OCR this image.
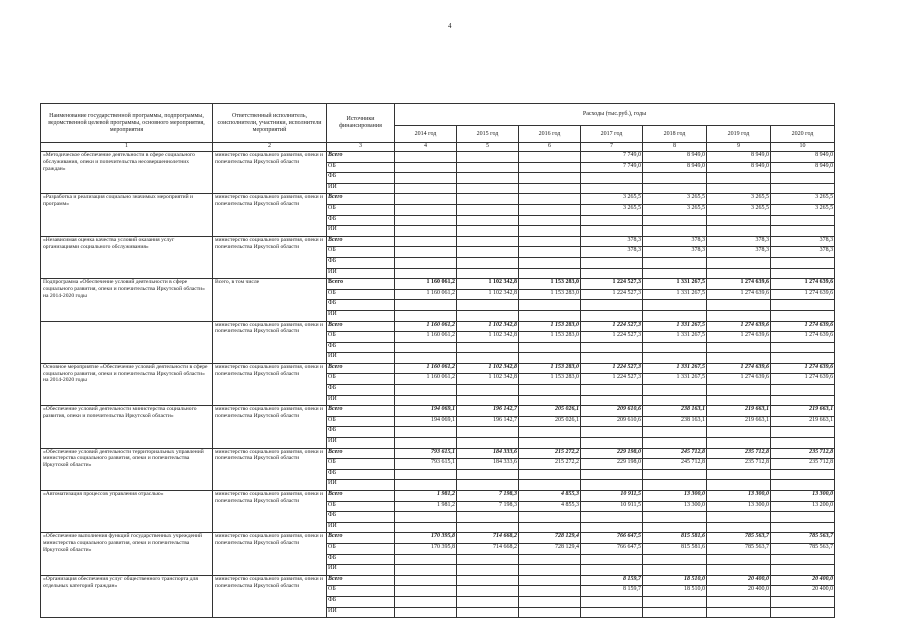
4
Наименование государственной программы, подпрограммы, ведомственной целевой программы, основного мероприятия, мероприятия	Ответственный исполнитель, соисполнители, участники, исполнители мероприятий	Источники финансирования	Расходы (тыс.руб.), годы						
			2014 год	2015 год	2016 год	2017 год	2018 год	2019 год	2020 год
1	2	3	4	5	6	7	8	9	10
«Методическое обеспечение деятельности в сфере социального обслуживания, опеки и попечительства несовершеннолетних граждан»	министерство социального развития, опеки и попечительства Иркутской области	Всего				7 749,0	8 949,0	8 949,0	8 949,0
		ОБ				7 749,0	8 949,0	8 949,0	8 949,0
		ФБ							
		ИИ							
«Разработка и реализация социально значимых мероприятий и программ»	министерство социального развития, опеки и попечительства Иркутской области	Всего				3 265,5	3 265,5	3 265,5	3 265,5
		ОБ				3 265,5	3 265,5	3 265,5	3 265,5
		ФБ							
		ИИ							
«Независимая оценка качества условий оказания услуг организациями социального обслуживания»	министерство социального развития, опеки и попечительства Иркутской области	Всего				378,3	378,3	378,3	378,3
		ОБ				378,3	378,3	378,3	378,3
		ФБ							
		ИИ							
Подпрограмма «Обеспечение условий деятельности в сфере социального развития, опеки и попечительства Иркутской области» на 2014-2020 годы	Всего, в том числе	Всего	1 160 061,2	1 102 342,8	1 153 283,0	1 224 527,3	1 331 267,5	1 274 639,6	1 274 639,6
		ОБ	1 160 061,2	1 102 342,8	1 153 283,0	1 224 527,3	1 331 267,5	1 274 639,6	1 274 639,6
		ФБ							
		ИИ							
	министерство социального развития, опеки и попечительства Иркутской области	Всего	1 160 061,2	1 102 342,8	1 153 283,0	1 224 527,3	1 331 267,5	1 274 639,6	1 274 639,6
		ОБ	1 160 061,2	1 102 342,8	1 153 283,0	1 224 527,3	1 331 267,5	1 274 639,6	1 274 639,6
		ФБ							
		ИИ							
Основное мероприятие «Обеспечение условий деятельности в сфере социального развития, опеки и попечительства Иркутской области» на 2014-2020 годы	министерство социального развития, опеки и попечительства Иркутской области	Всего	1 160 061,2	1 102 342,8	1 153 283,0	1 224 527,3	1 331 267,5	1 274 639,6	1 274 639,6
		ОБ	1 160 061,2	1 102 342,8	1 153 283,0	1 224 527,3	1 331 267,5	1 274 639,6	1 274 639,6
		ФБ							
		ИИ							
«Обеспечение условий деятельности министерства социального развития, опеки и попечительства Иркутской области»	министерство социального развития, опеки и попечительства Иркутской области	Всего	194 069,1	196 142,7	205 026,1	209 610,6	238 163,1	219 663,1	219 663,1
		ОБ	194 069,1	196 142,7	205 026,1	209 610,6	238 163,1	219 663,1	219 663,1
		ФБ							
		ИИ							
«Обеспечение условий деятельности территориальных управлений министерства социального развития, опеки и попечительства Иркутской области»	министерство социального развития, опеки и попечительства Иркутской области	Всего	793 615,1	184 333,6	215 272,2	229 198,0	245 712,8	235 712,8	235 712,8
		ОБ	793 615,1	184 333,6	215 272,2	229 198,0	245 712,8	235 712,8	235 712,8
		ФБ							
		ИИ							
«Автоматизация процессов управления отраслью»	министерство социального развития, опеки и попечительства Иркутской области	Всего	1 981,2	7 198,3	4 855,3	10 911,5	13 300,0	13 300,0	13 300,0
		ОБ	1 981,2	7 198,3	4 855,3	10 911,5	13 300,0	13 300,0	13 200,0
		ФБ							
		ИИ							
«Обеспечение выполнения функций государственных учреждений министерства социального развития, опеки и попечительства Иркутской области»	министерство социального развития, опеки и попечительства Иркутской области	Всего	170 395,8	714 668,2	728 129,4	766 647,5	815 581,6	785 563,7	785 563,7
		ОБ	170 395,8	714 668,2	728 129,4	766 647,5	815 581,6	785 563,7	785 563,7
		ФБ							
		ИИ							
«Организация обеспечения услуг общественного транспорта для отдельных категорий граждан»	министерство социального развития, опеки и попечительства Иркутской области	Всего				8 159,7	18 510,0	20 400,0	20 400,0
		ОБ				8 159,7	18 510,0	20 400,0	20 400,0
		ФБ							
		ИИ							
